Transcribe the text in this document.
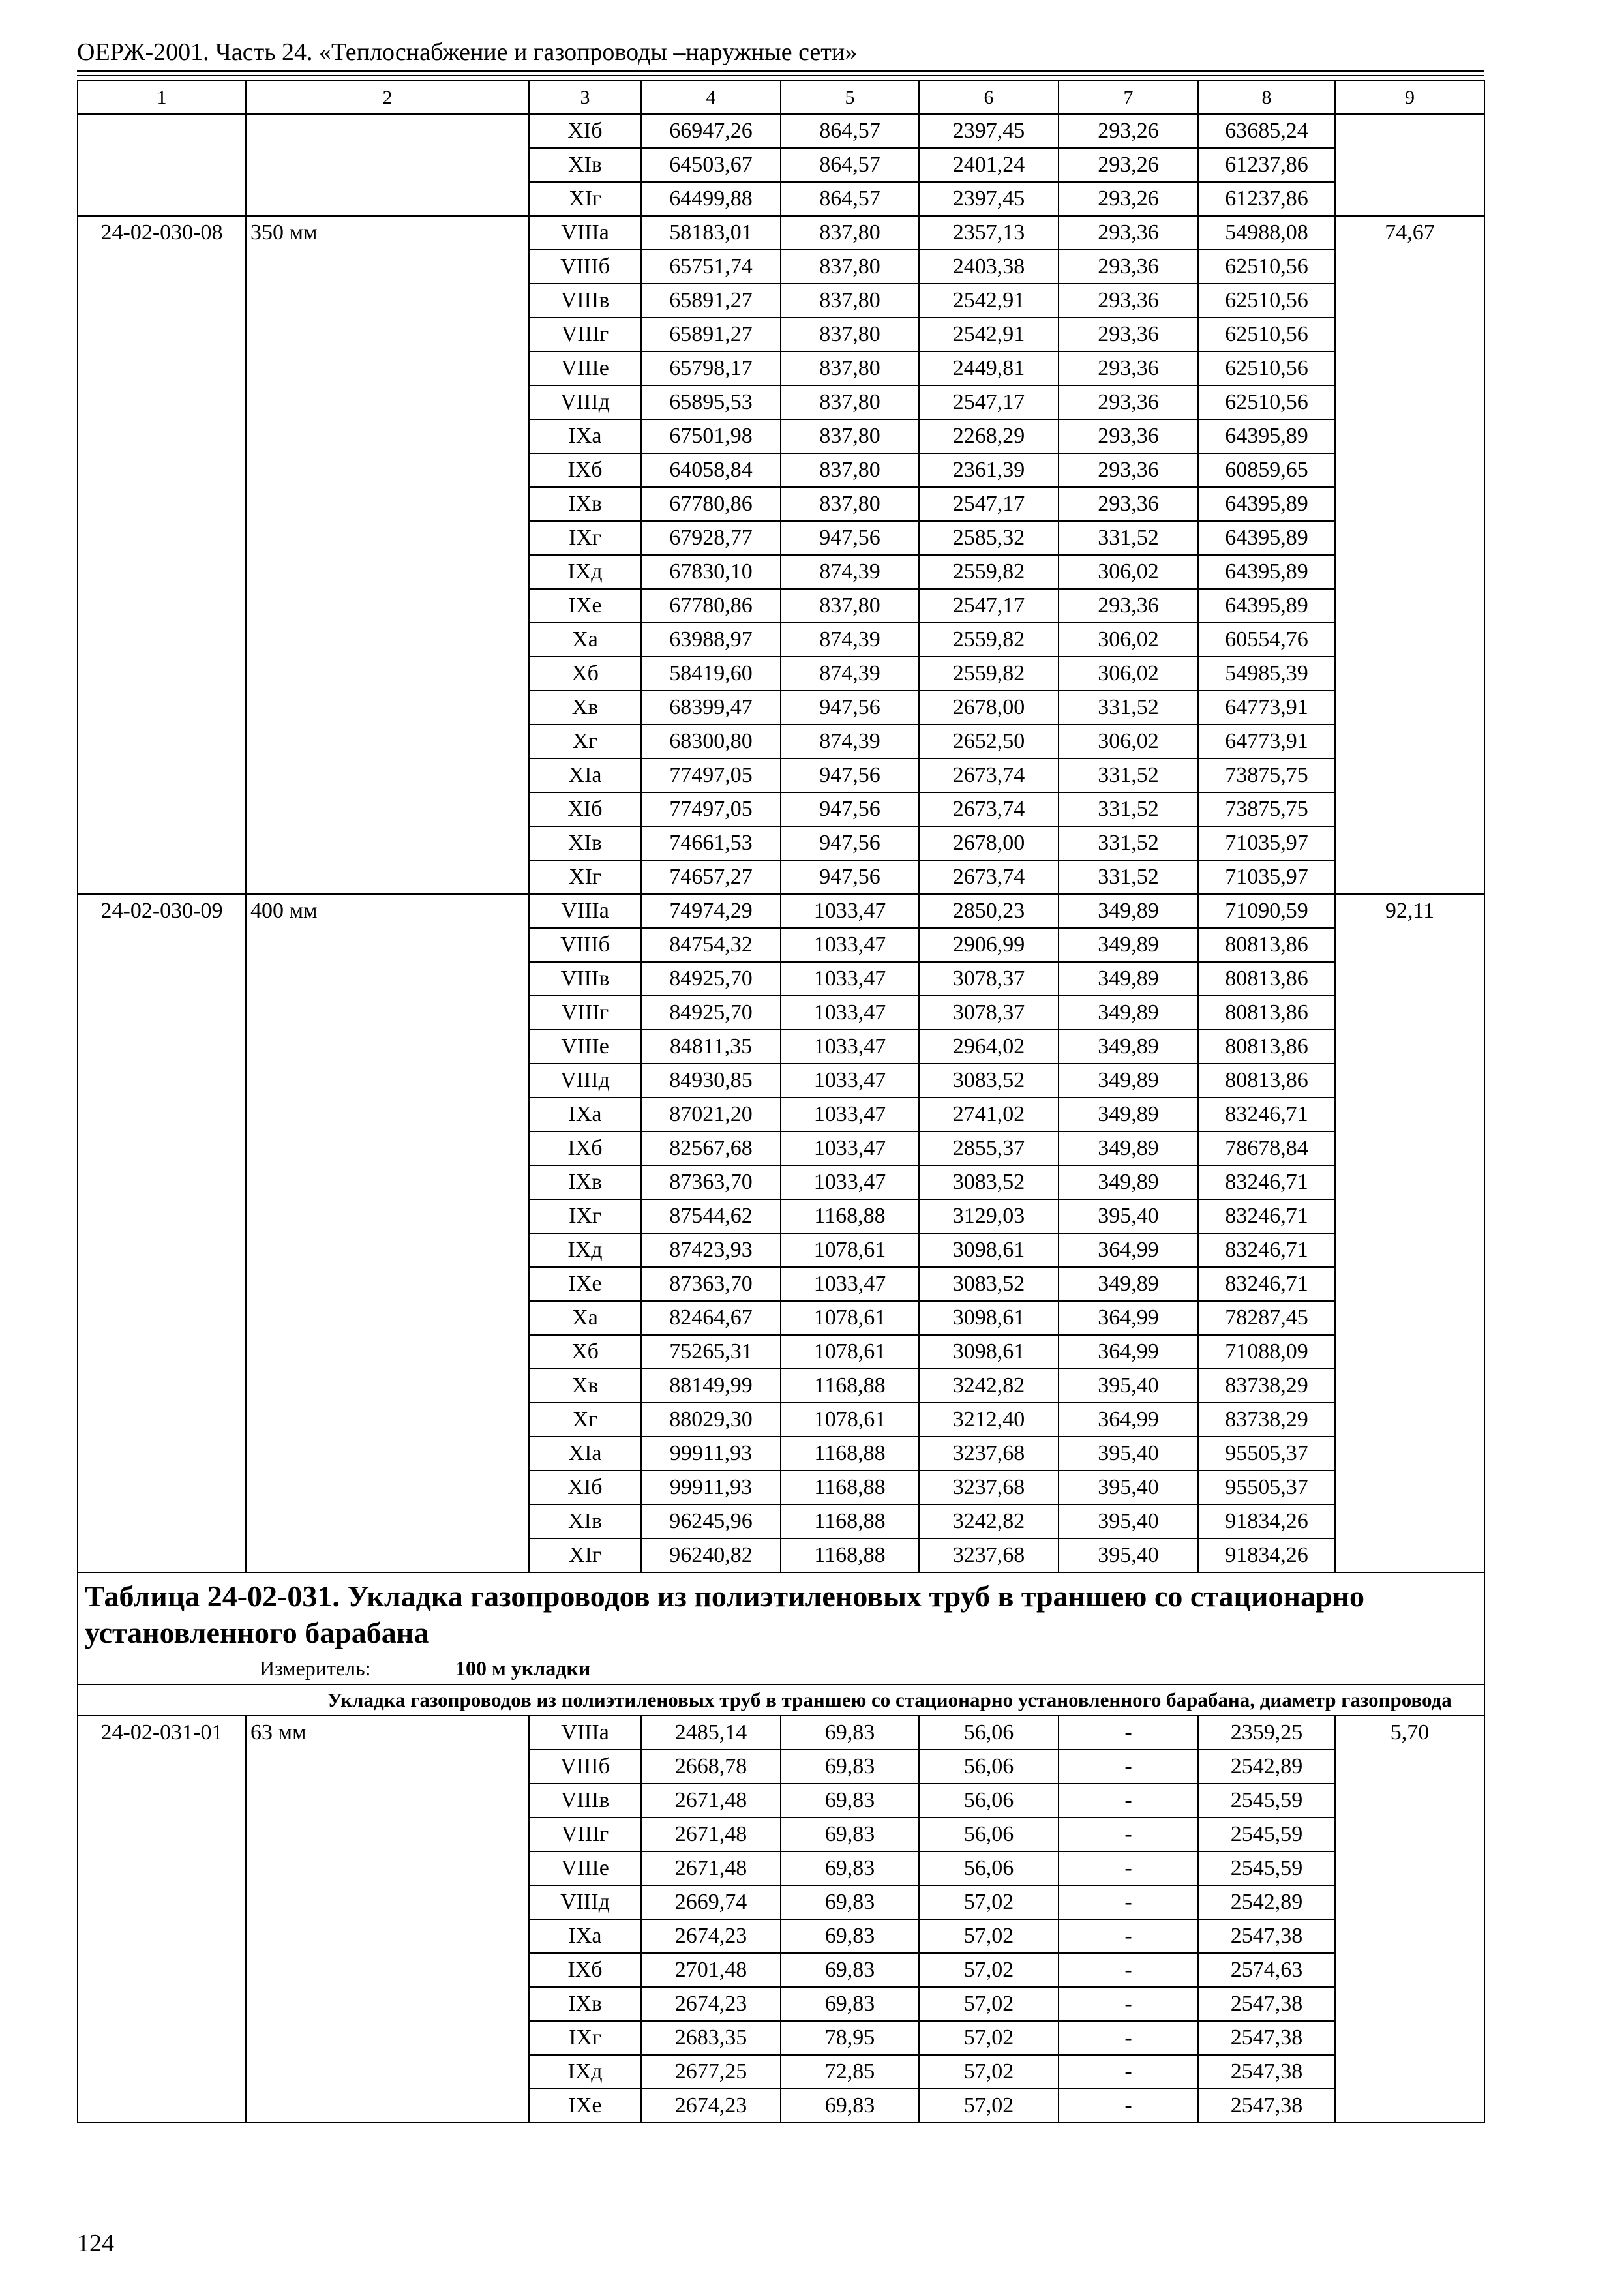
ОЕРЖ-2001. Часть 24. «Теплоснабжение и газопроводы –наружные сети»
1	2	3	4	5	6	7	8	9
		XIб	66947,26	864,57	2397,45	293,26	63685,24	
		XIв	64503,67	864,57	2401,24	293,26	61237,86	
		XIг	64499,88	864,57	2397,45	293,26	61237,86	
24-02-030-08	350 мм	VIIIа	58183,01	837,80	2357,13	293,36	54988,08	74,67
		VIIIб	65751,74	837,80	2403,38	293,36	62510,56	
		VIIIв	65891,27	837,80	2542,91	293,36	62510,56	
		VIIIг	65891,27	837,80	2542,91	293,36	62510,56	
		VIIIе	65798,17	837,80	2449,81	293,36	62510,56	
		VIIIд	65895,53	837,80	2547,17	293,36	62510,56	
		IXа	67501,98	837,80	2268,29	293,36	64395,89	
		IXб	64058,84	837,80	2361,39	293,36	60859,65	
		IXв	67780,86	837,80	2547,17	293,36	64395,89	
		IXг	67928,77	947,56	2585,32	331,52	64395,89	
		IXд	67830,10	874,39	2559,82	306,02	64395,89	
		IXе	67780,86	837,80	2547,17	293,36	64395,89	
		Xа	63988,97	874,39	2559,82	306,02	60554,76	
		Xб	58419,60	874,39	2559,82	306,02	54985,39	
		Xв	68399,47	947,56	2678,00	331,52	64773,91	
		Xг	68300,80	874,39	2652,50	306,02	64773,91	
		XIа	77497,05	947,56	2673,74	331,52	73875,75	
		XIб	77497,05	947,56	2673,74	331,52	73875,75	
		XIв	74661,53	947,56	2678,00	331,52	71035,97	
		XIг	74657,27	947,56	2673,74	331,52	71035,97	
24-02-030-09	400 мм	VIIIа	74974,29	1033,47	2850,23	349,89	71090,59	92,11
		VIIIб	84754,32	1033,47	2906,99	349,89	80813,86	
		VIIIв	84925,70	1033,47	3078,37	349,89	80813,86	
		VIIIг	84925,70	1033,47	3078,37	349,89	80813,86	
		VIIIе	84811,35	1033,47	2964,02	349,89	80813,86	
		VIIIд	84930,85	1033,47	3083,52	349,89	80813,86	
		IXа	87021,20	1033,47	2741,02	349,89	83246,71	
		IXб	82567,68	1033,47	2855,37	349,89	78678,84	
		IXв	87363,70	1033,47	3083,52	349,89	83246,71	
		IXг	87544,62	1168,88	3129,03	395,40	83246,71	
		IXд	87423,93	1078,61	3098,61	364,99	83246,71	
		IXе	87363,70	1033,47	3083,52	349,89	83246,71	
		Xа	82464,67	1078,61	3098,61	364,99	78287,45	
		Xб	75265,31	1078,61	3098,61	364,99	71088,09	
		Xв	88149,99	1168,88	3242,82	395,40	83738,29	
		Xг	88029,30	1078,61	3212,40	364,99	83738,29	
		XIа	99911,93	1168,88	3237,68	395,40	95505,37	
		XIб	99911,93	1168,88	3237,68	395,40	95505,37	
		XIв	96245,96	1168,88	3242,82	395,40	91834,26	
		XIг	96240,82	1168,88	3237,68	395,40	91834,26	

Таблица 24-02-031. Укладка газопроводов из полиэтиленовых труб в траншею со стационарно установленного барабана
Измеритель: 100 м укладки								

Укладка газопроводов из полиэтиленовых труб в траншею со стационарно установленного барабана, диаметр газопровода								
24-02-031-01	63 мм	VIIIа	2485,14	69,83	56,06	-	2359,25	5,70
		VIIIб	2668,78	69,83	56,06	-	2542,89	
		VIIIв	2671,48	69,83	56,06	-	2545,59	
		VIIIг	2671,48	69,83	56,06	-	2545,59	
		VIIIе	2671,48	69,83	56,06	-	2545,59	
		VIIIд	2669,74	69,83	57,02	-	2542,89	
		IXа	2674,23	69,83	57,02	-	2547,38	
		IXб	2701,48	69,83	57,02	-	2574,63	
		IXв	2674,23	69,83	57,02	-	2547,38	
		IXг	2683,35	78,95	57,02	-	2547,38	
		IXд	2677,25	72,85	57,02	-	2547,38	
		IXе	2674,23	69,83	57,02	-	2547,38	
124
